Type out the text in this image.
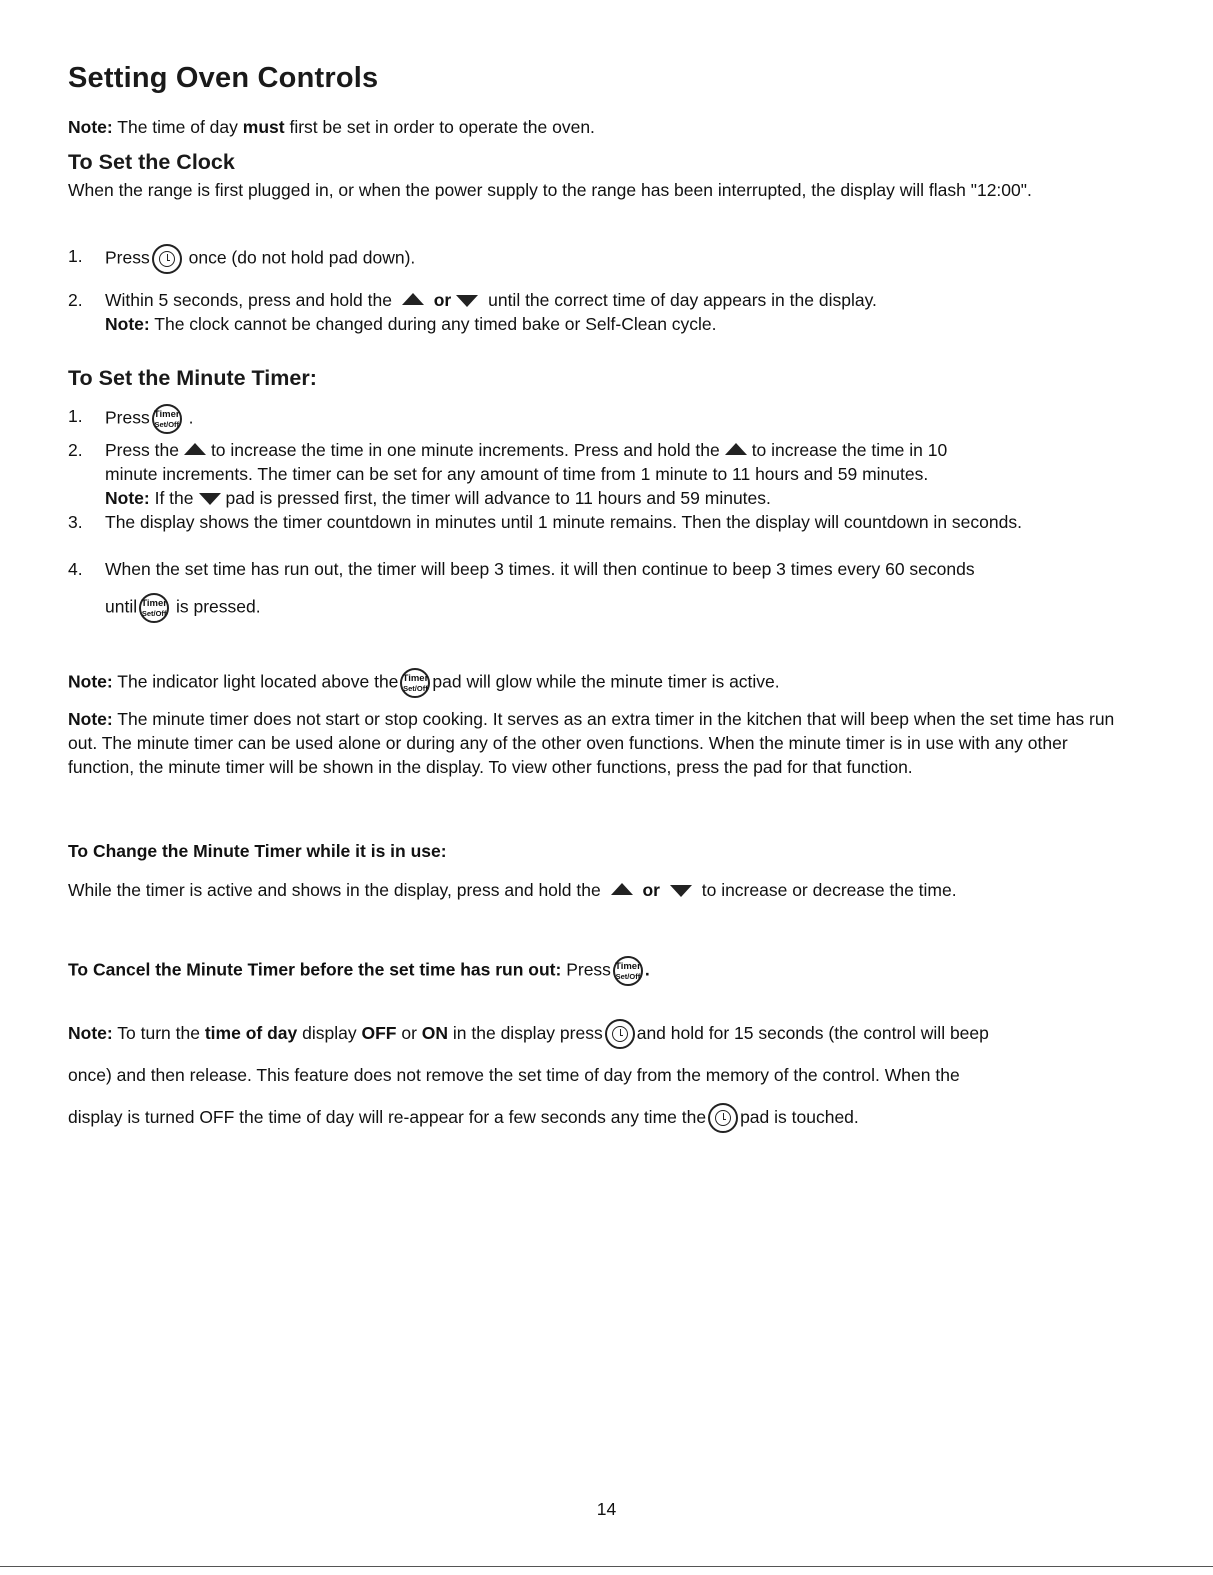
Setting Oven Controls
Note: The time of day must first be set in order to operate the oven.
To Set the Clock
When the range is first plugged in, or when the power supply to the range has been interrupted, the display will flash "12:00".
1.	Press once (do not hold pad down).
2.	Within 5 seconds, press and hold the or until the correct time of day appears in the display.
Note: The clock cannot be changed during any timed bake or Self-Clean cycle.
To Set the Minute Timer:
1.	Press Timer
Set/Off .
2.	Press the to increase the time in one minute increments. Press and hold the to increase the time in 10
minute increments. The timer can be set for any amount of time from 1 minute to 11 hours and 59 minutes.
Note: If the pad is pressed first, the timer will advance to 11 hours and 59 minutes.
3.	The display shows the timer countdown in minutes until 1 minute remains. Then the display will countdown in seconds.
4.	When the set time has run out, the timer will beep 3 times. it will then continue to beep 3 times every 60 seconds
until Timer
Set/Off is pressed.
Note: The indicator light located above the Timer
Set/Off pad will glow while the minute timer is active.
Note: The minute timer does not start or stop cooking. It serves as an extra timer in the kitchen that will beep when the set time has run out. The minute timer can be used alone or during any of the other oven functions. When the minute timer is in use with any other function, the minute timer will be shown in the display. To view other functions, press the pad for that function.
To Change the Minute Timer while it is in use:
While the timer is active and shows in the display, press and hold the or to increase or decrease the time.
To Cancel the Minute Timer before the set time has run out: Press Timer
Set/Off .
Note: To turn the time of day display OFF or ON in the display press and hold for 15 seconds (the control will beep
once) and then release. This feature does not remove the set time of day from the memory of the control. When the
display is turned OFF the time of day will re-appear for a few seconds any time the pad is touched.
14
